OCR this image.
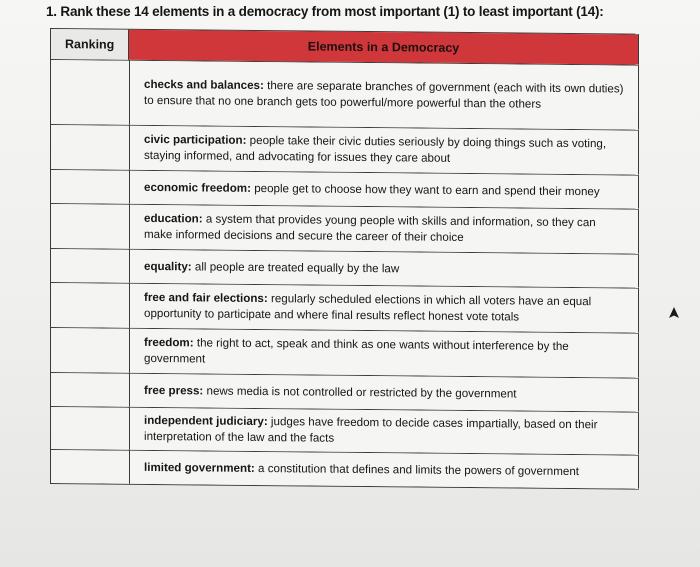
1. Rank these 14 elements in a democracy from most important (1) to least important (14):
Ranking	Elements in a Democracy

checks and balances: there are separate branches of government (each with its own duties) to ensure that no one branch gets too powerful/more powerful than the others

civic participation: people take their civic duties seriously by doing things such as voting, staying informed, and advocating for issues they care about

economic freedom: people get to choose how they want to earn and spend their money

education: a system that provides young people with skills and information, so they can make informed decisions and secure the career of their choice

equality: all people are treated equally by the law

free and fair elections: regularly scheduled elections in which all voters have an equal opportunity to participate and where final results reflect honest vote totals

freedom: the right to act, speak and think as one wants without interference by the government

free press: news media is not controlled or restricted by the government

independent judiciary: judges have freedom to decide cases impartially, based on their interpretation of the law and the facts

limited government: a constitution that defines and limits the powers of government
